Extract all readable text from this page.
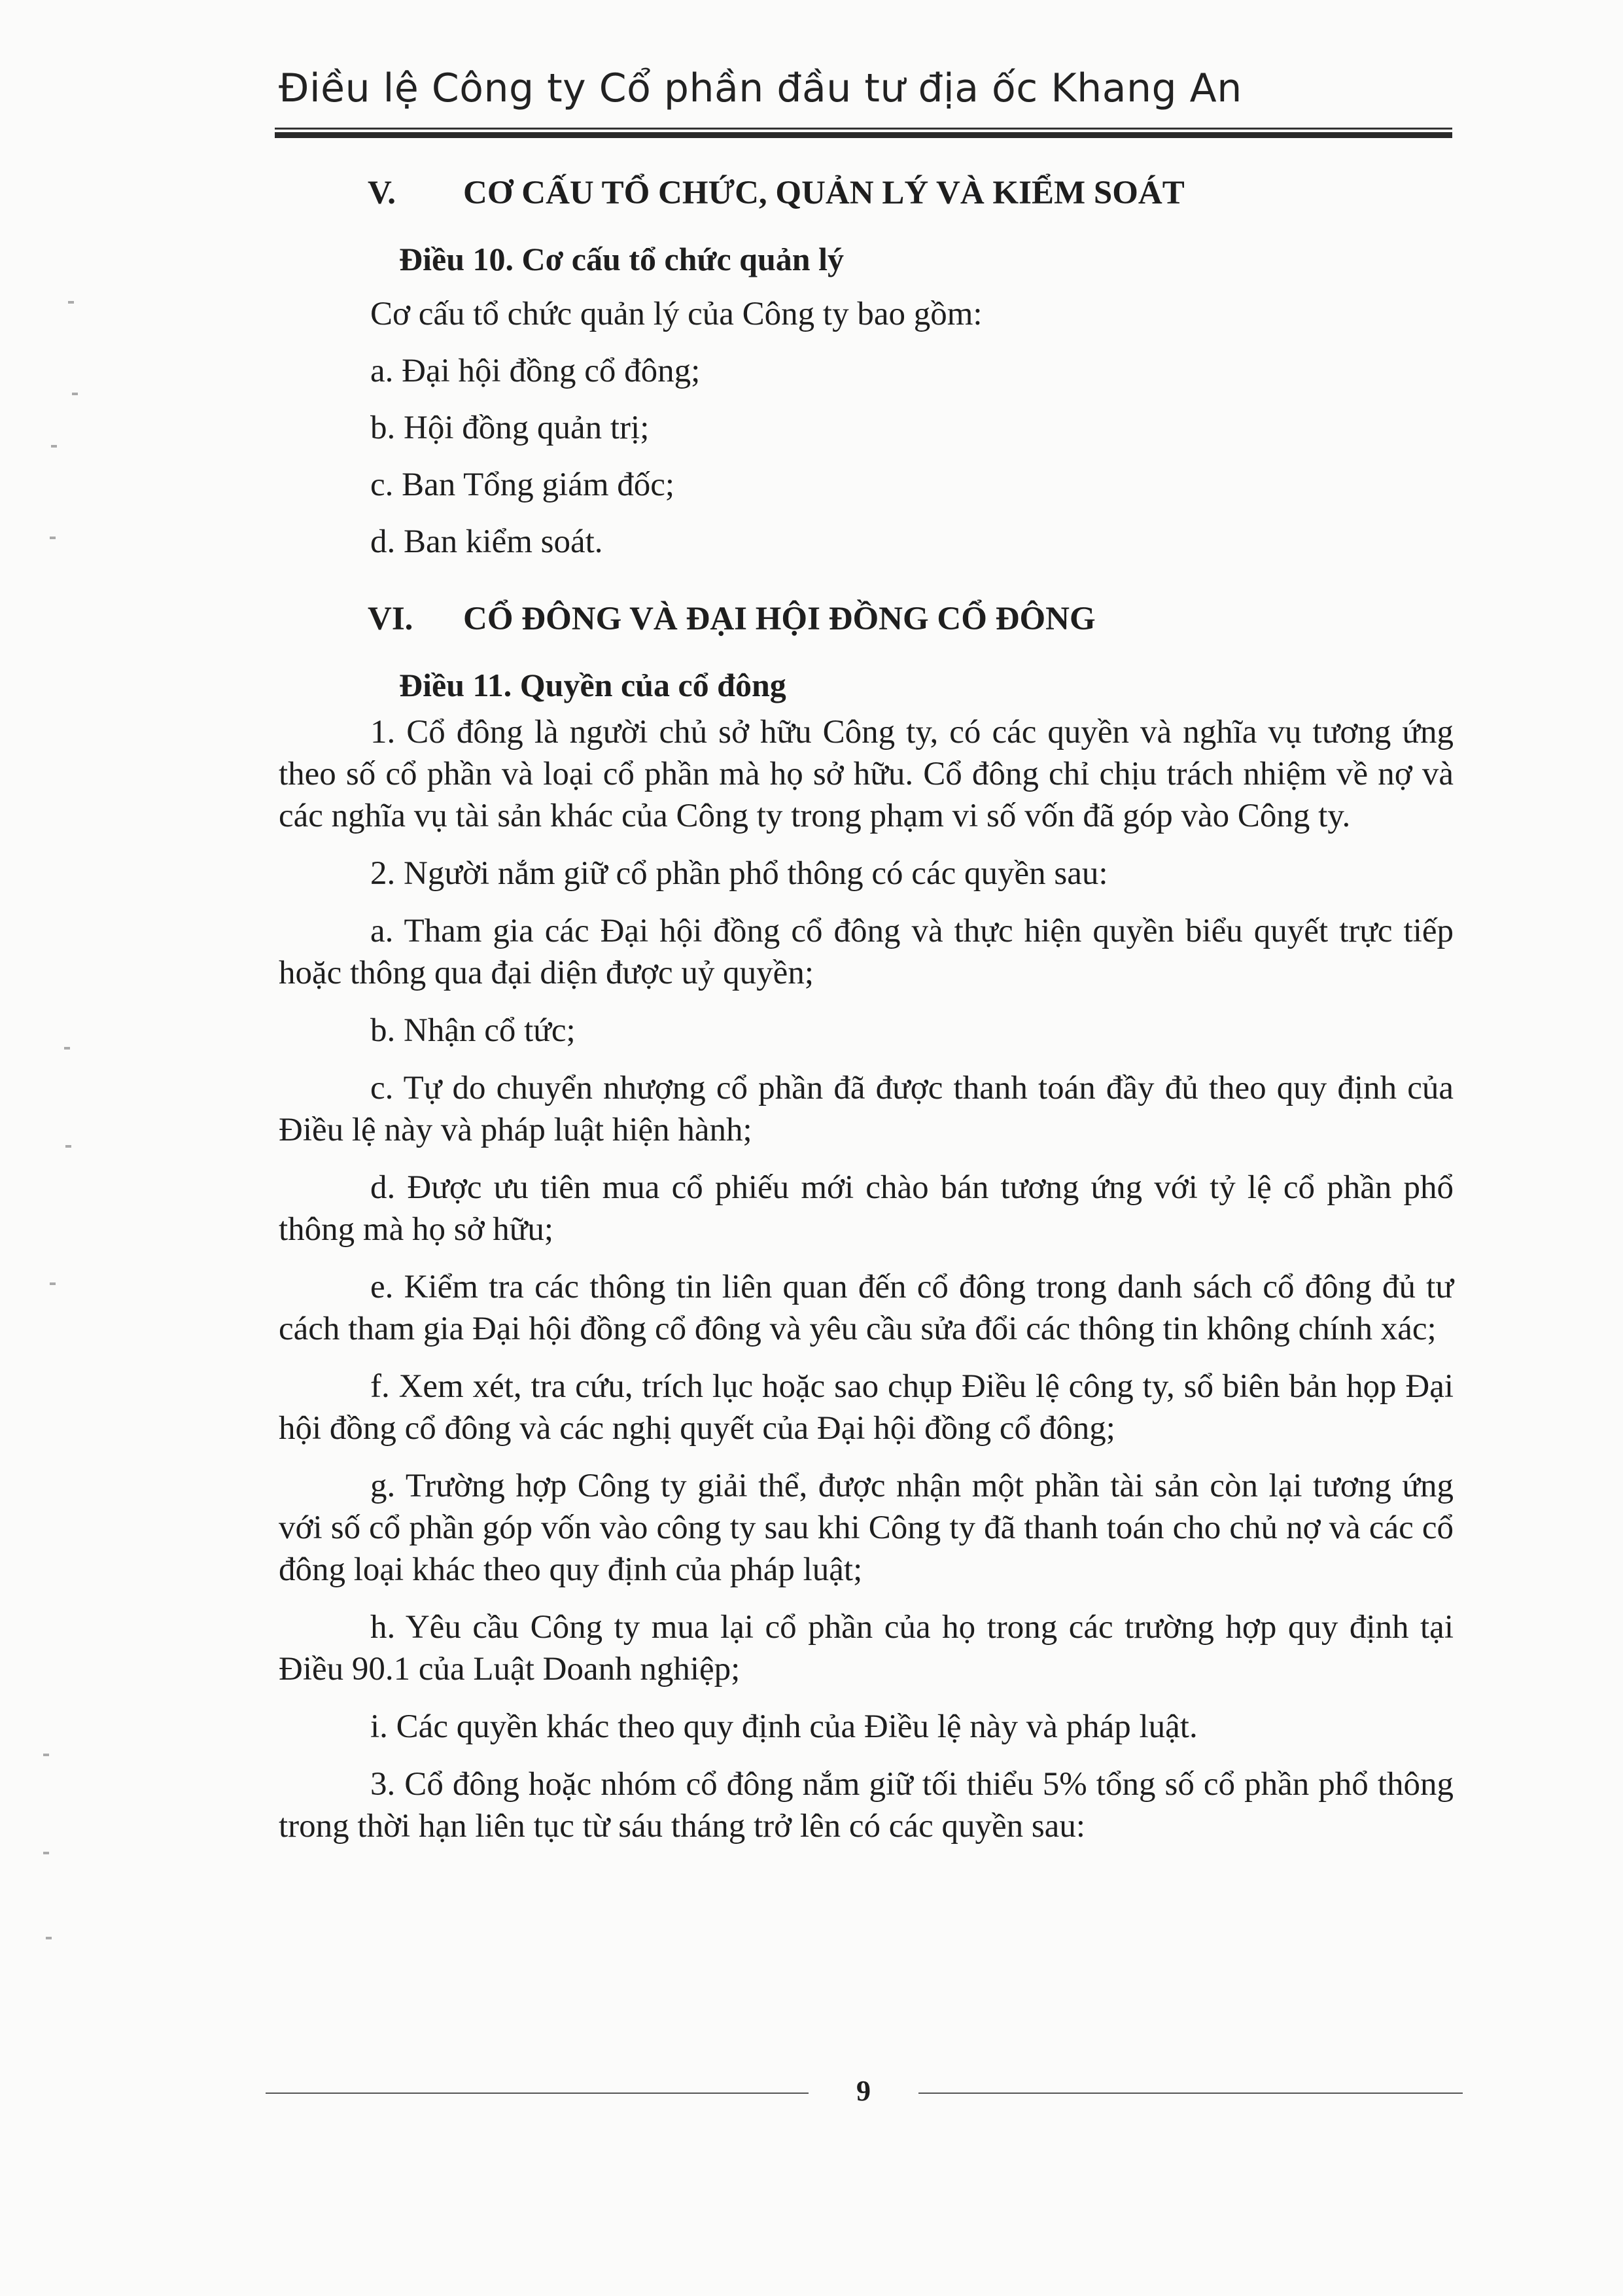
Điều lệ Công ty Cổ phần đầu tư địa ốc Khang An
V.	CƠ CẤU TỔ CHỨC, QUẢN LÝ VÀ KIỂM SOÁT
Điều 10. Cơ cấu tổ chức quản lý
Cơ cấu tổ chức quản lý của Công ty bao gồm:
a. Đại hội đồng cổ đông;
b. Hội đồng quản trị;
c. Ban Tổng giám đốc;
d. Ban kiểm soát.
VI.	CỔ ĐÔNG VÀ ĐẠI HỘI ĐỒNG CỔ ĐÔNG
Điều 11. Quyền của cổ đông

1. Cổ đông là người chủ sở hữu Công ty, có các quyền và nghĩa vụ tương ứng theo số cổ phần và loại cổ phần mà họ sở hữu. Cổ đông chỉ chịu trách nhiệm về nợ và các nghĩa vụ tài sản khác của Công ty trong phạm vi số vốn đã góp vào Công ty.

2. Người nắm giữ cổ phần phổ thông có các quyền sau:

a. Tham gia các Đại hội đồng cổ đông và thực hiện quyền biểu quyết trực tiếp hoặc thông qua đại diện được uỷ quyền;

b. Nhận cổ tức;

c. Tự do chuyển nhượng cổ phần đã được thanh toán đầy đủ theo quy định của Điều lệ này và pháp luật hiện hành;

d. Được ưu tiên mua cổ phiếu mới chào bán tương ứng với tỷ lệ cổ phần phổ thông mà họ sở hữu;

e. Kiểm tra các thông tin liên quan đến cổ đông trong danh sách cổ đông đủ tư cách tham gia Đại hội đồng cổ đông và yêu cầu sửa đổi các thông tin không chính xác;

f. Xem xét, tra cứu, trích lục hoặc sao chụp Điều lệ công ty, sổ biên bản họp Đại hội đồng cổ đông và các nghị quyết của Đại hội đồng cổ đông;

g. Trường hợp Công ty giải thể, được nhận một phần tài sản còn lại tương ứng với số cổ phần góp vốn vào công ty sau khi Công ty đã thanh toán cho chủ nợ và các cổ đông loại khác theo quy định của pháp luật;

h. Yêu cầu Công ty mua lại cổ phần của họ trong các trường hợp quy định tại Điều 90.1 của Luật Doanh nghiệp;

i. Các quyền khác theo quy định của Điều lệ này và pháp luật.

3. Cổ đông hoặc nhóm cổ đông nắm giữ tối thiểu 5% tổng số cổ phần phổ thông trong thời hạn liên tục từ sáu tháng trở lên có các quyền sau:

9
